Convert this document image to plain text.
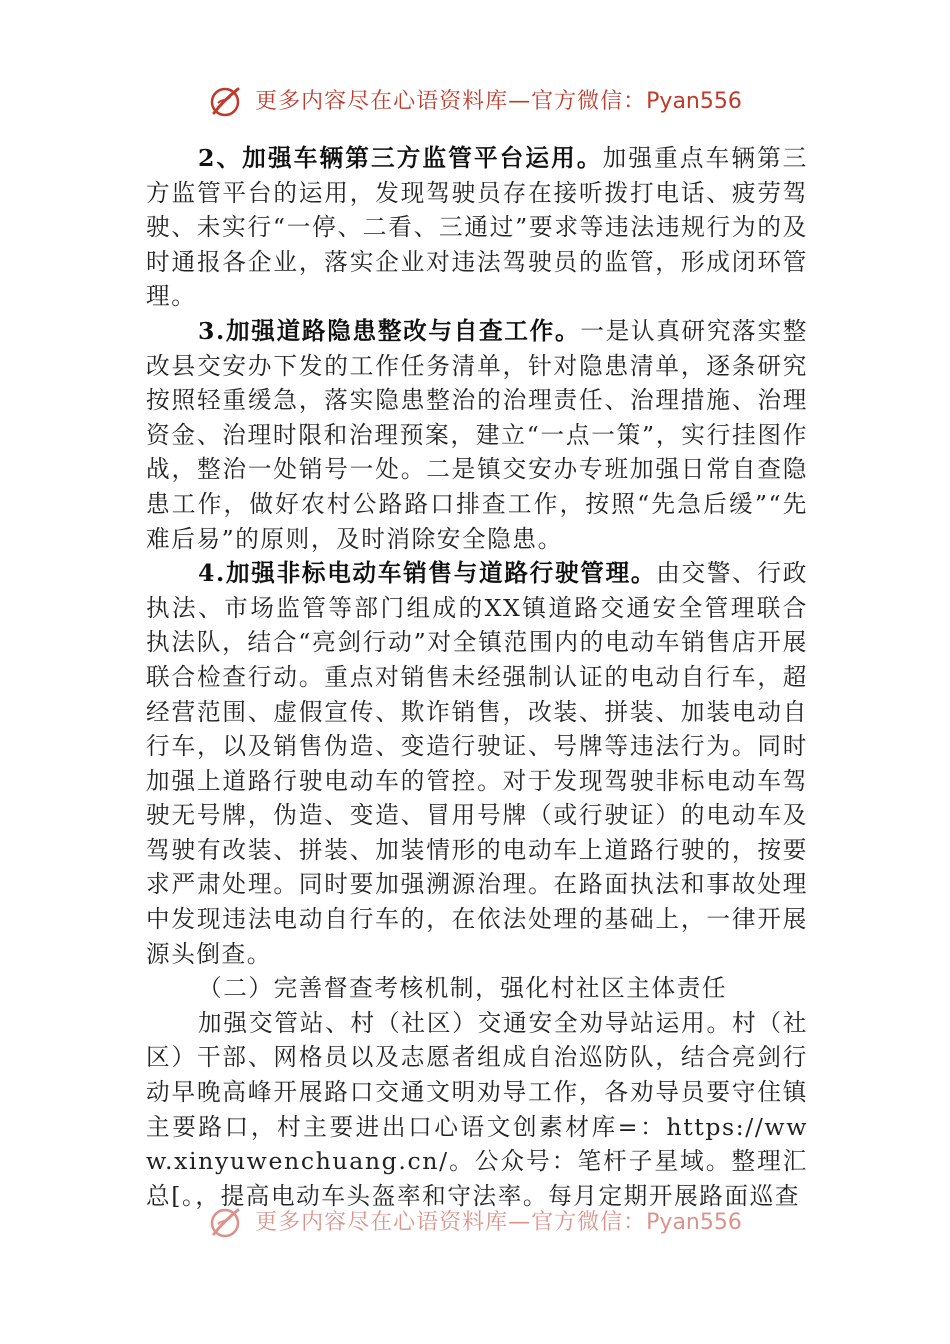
更多内容尽在心语资料库—官方微信：Pyan556

2、加强车辆第三方监管平台运用。加强重点车辆第三方监管平台的运用，发现驾驶员存在接听拨打电话、疲劳驾驶、未实行“一停、二看、三通过”要求等违法违规行为的及时通报各企业，落实企业对违法驾驶员的监管，形成闭环管理。

3.加强道路隐患整改与自查工作。一是认真研究落实整改县交安办下发的工作任务清单，针对隐患清单，逐条研究按照轻重缓急，落实隐患整治的治理责任、治理措施、治理资金、治理时限和治理预案，建立“一点一策”，实行挂图作战，整治一处销号一处。二是镇交安办专班加强日常自查隐患工作，做好农村公路路口排查工作，按照“先急后缓”“先难后易”的原则，及时消除安全隐患。

4.加强非标电动车销售与道路行驶管理。由交警、行政执法、市场监管等部门组成的XX镇道路交通安全管理联合执法队，结合“亮剑行动”对全镇范围内的电动车销售店开展联合检查行动。重点对销售未经强制认证的电动自行车，超经营范围、虚假宣传、欺诈销售，改装、拼装、加装电动自行车，以及销售伪造、变造行驶证、号牌等违法行为。同时加强上道路行驶电动车的管控。对于发现驾驶非标电动车驾驶无号牌，伪造、变造、冒用号牌（或行驶证）的电动车及驾驶有改装、拼装、加装情形的电动车上道路行驶的，按要求严肃处理。同时要加强溯源治理。在路面执法和事故处理中发现违法电动自行车的，在依法处理的基础上，一律开展源头倒查。

（二）完善督查考核机制，强化村社区主体责任

加强交管站、村（社区）交通安全劝导站运用。村（社区）干部、网格员以及志愿者组成自治巡防队，结合亮剑行动早晚高峰开展路口交通文明劝导工作，各劝导员要守住镇主要路口，村主要进出口心语文创素材库=：https://www.xinyuwenchuang.cn/。公众号：笔杆子星域。整理汇总[。，提高电动车头盔率和守法率。每月定期开展路面巡查

更多内容尽在心语资料库—官方微信：Pyan556
